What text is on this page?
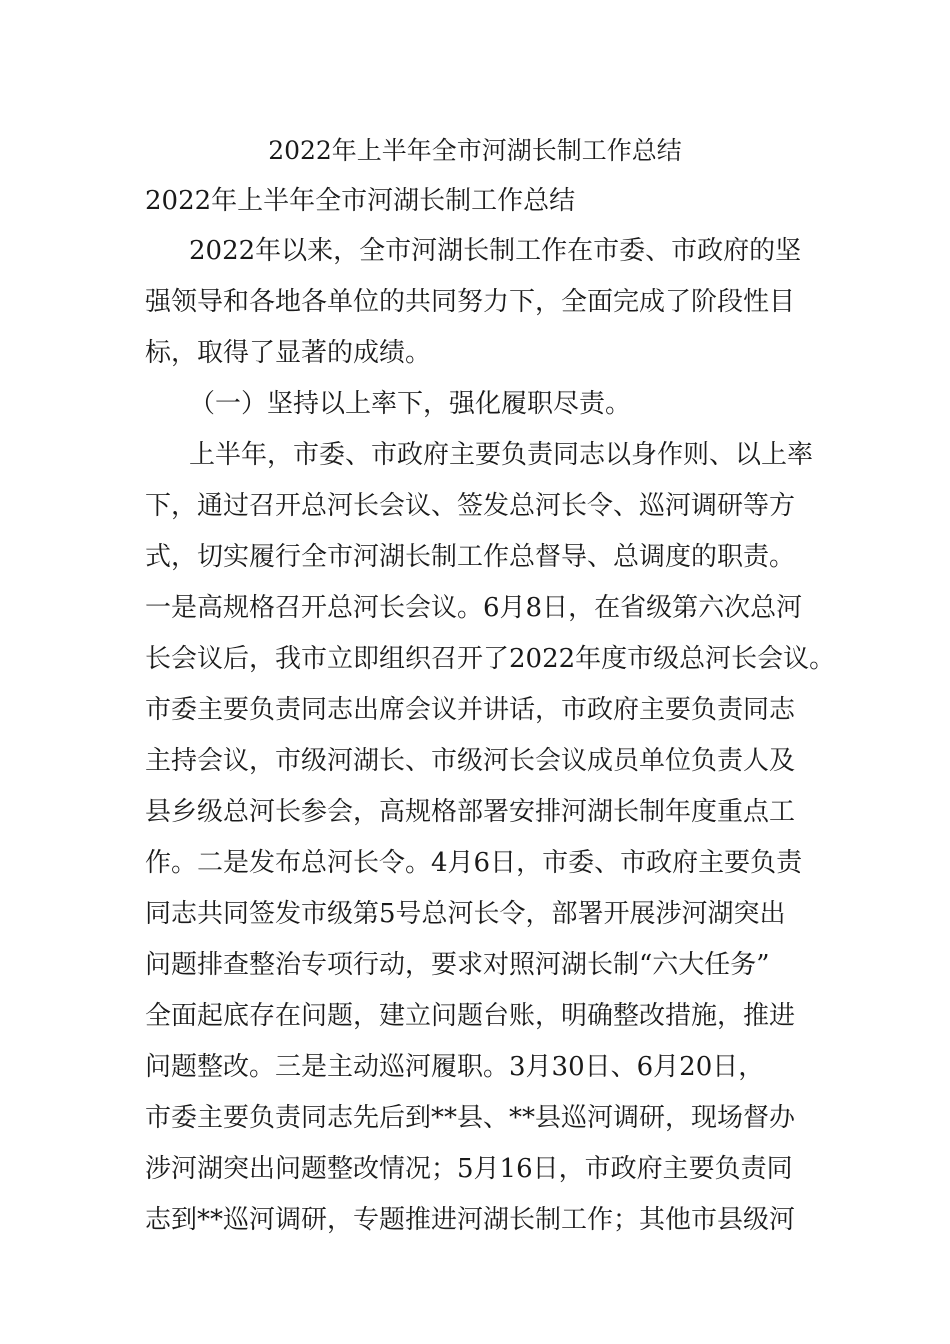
2022年上半年全市河湖长制工作总结
2022年上半年全市河湖长制工作总结
2022年以来，全市河湖长制工作在市委、市政府的坚
强领导和各地各单位的共同努力下，全面完成了阶段性目
标，取得了显著的成绩。
（一）坚持以上率下，强化履职尽责。
上半年，市委、市政府主要负责同志以身作则、以上率
下，通过召开总河长会议、签发总河长令、巡河调研等方
式，切实履行全市河湖长制工作总督导、总调度的职责。
一是高规格召开总河长会议。6月8日，在省级第六次总河
长会议后，我市立即组织召开了2022年度市级总河长会议。
市委主要负责同志出席会议并讲话，市政府主要负责同志
主持会议，市级河湖长、市级河长会议成员单位负责人及
县乡级总河长参会，高规格部署安排河湖长制年度重点工
作。二是发布总河长令。4月6日，市委、市政府主要负责
同志共同签发市级第5号总河长令，部署开展涉河湖突出
问题排查整治专项行动，要求对照河湖长制“六大任务”
全面起底存在问题，建立问题台账，明确整改措施，推进
问题整改。三是主动巡河履职。3月30日、6月20日，
市委主要负责同志先后到**县、**县巡河调研，现场督办
涉河湖突出问题整改情况；5月16日，市政府主要负责同
志到**巡河调研，专题推进河湖长制工作；其他市县级河
